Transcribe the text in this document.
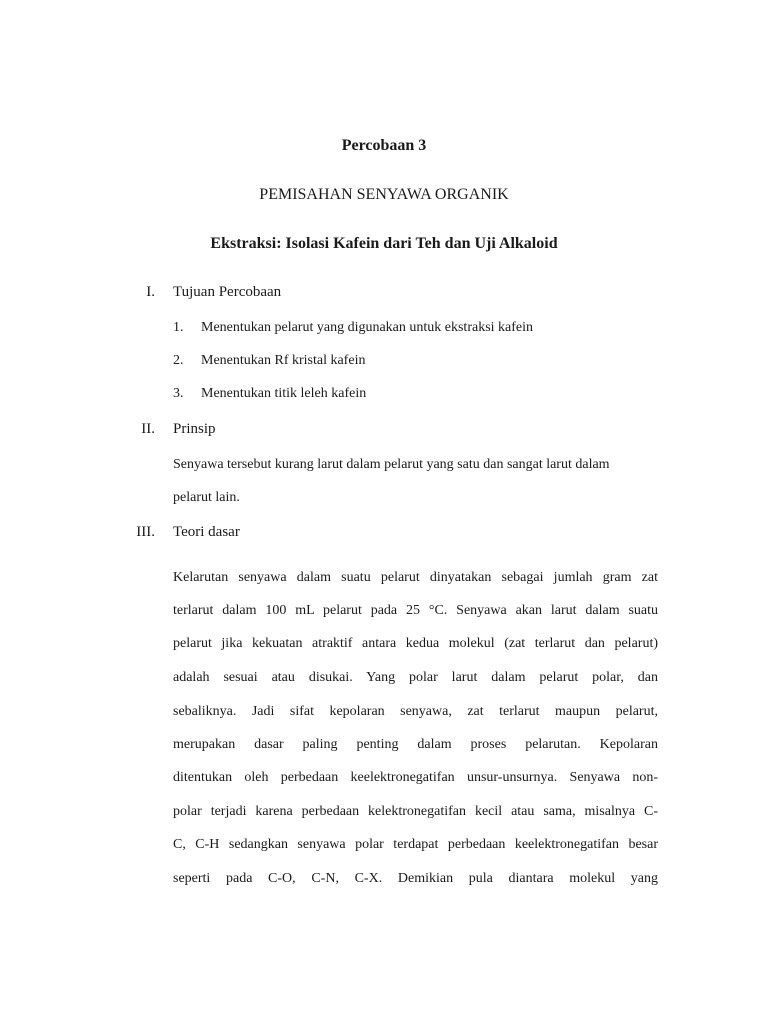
Percobaan 3
PEMISAHAN SENYAWA ORGANIK
Ekstraksi: Isolasi Kafein dari Teh dan Uji Alkaloid
I. Tujuan Percobaan
1. Menentukan pelarut yang digunakan untuk ekstraksi kafein
2. Menentukan Rf kristal kafein
3. Menentukan titik leleh kafein
II. Prinsip
Senyawa tersebut kurang larut dalam pelarut yang satu dan sangat larut dalam
pelarut lain.
III. Teori dasar
Kelarutan senyawa dalam suatu pelarut dinyatakan sebagai jumlah gram zat
terlarut dalam 100 mL pelarut pada 25 °C. Senyawa akan larut dalam suatu
pelarut jika kekuatan atraktif antara kedua molekul (zat terlarut dan pelarut)
adalah sesuai atau disukai. Yang polar larut dalam pelarut polar, dan
sebaliknya. Jadi sifat kepolaran senyawa, zat terlarut maupun pelarut,
merupakan dasar paling penting dalam proses pelarutan. Kepolaran
ditentukan oleh perbedaan keelektronegatifan unsur-unsurnya. Senyawa non-
polar terjadi karena perbedaan kelektronegatifan kecil atau sama, misalnya C-
C, C-H sedangkan senyawa polar terdapat perbedaan keelektronegatifan besar
seperti pada C-O, C-N, C-X. Demikian pula diantara molekul yang
